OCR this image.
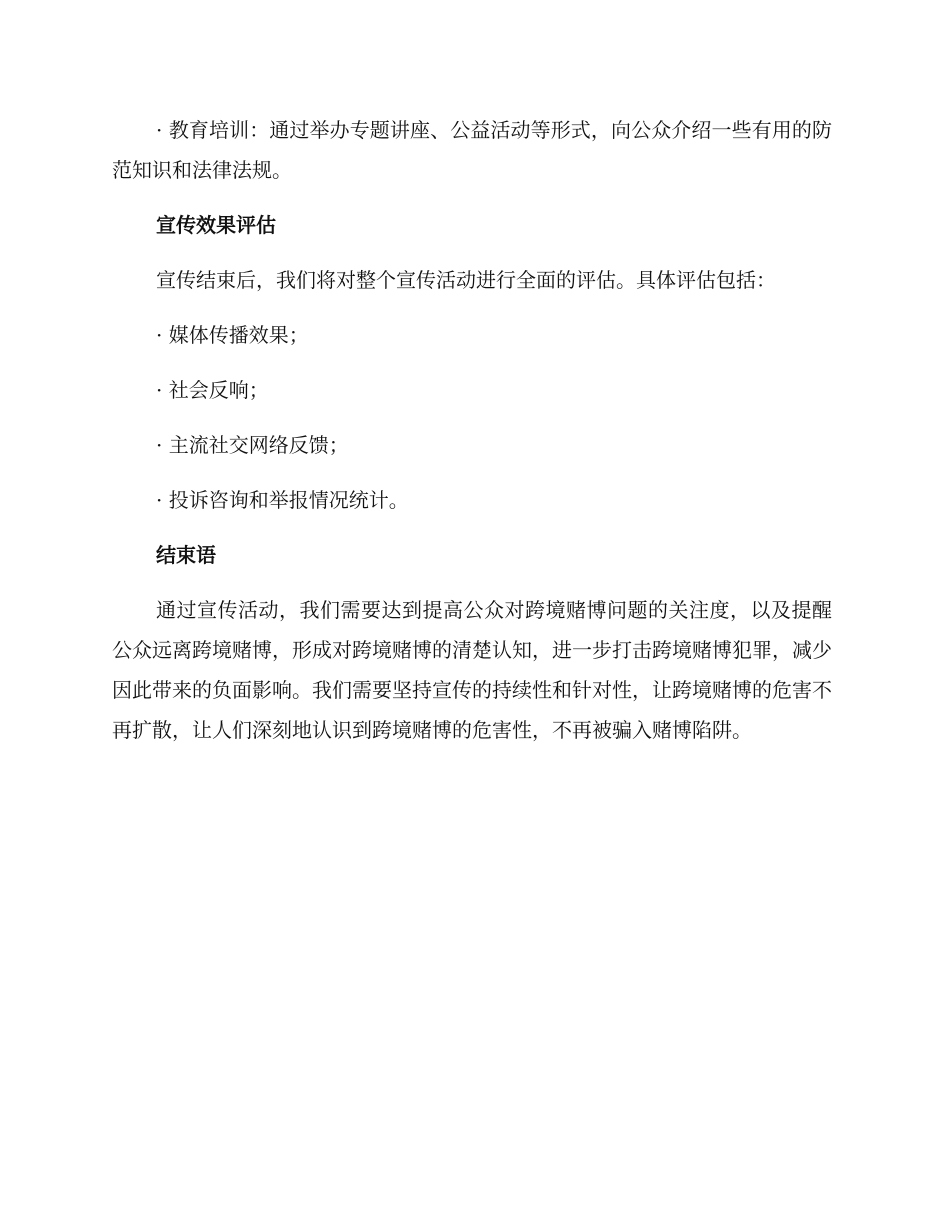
· 教育培训：通过举办专题讲座、公益活动等形式，向公众介绍一些有用的防范知识和法律法规。

宣传效果评估

宣传结束后，我们将对整个宣传活动进行全面的评估。具体评估包括：

· 媒体传播效果；

· 社会反响；

· 主流社交网络反馈；

· 投诉咨询和举报情况统计。

结束语

通过宣传活动，我们需要达到提高公众对跨境赌博问题的关注度，以及提醒公众远离跨境赌博，形成对跨境赌博的清楚认知，进一步打击跨境赌博犯罪，减少因此带来的负面影响。我们需要坚持宣传的持续性和针对性，让跨境赌博的危害不再扩散，让人们深刻地认识到跨境赌博的危害性，不再被骗入赌博陷阱。
